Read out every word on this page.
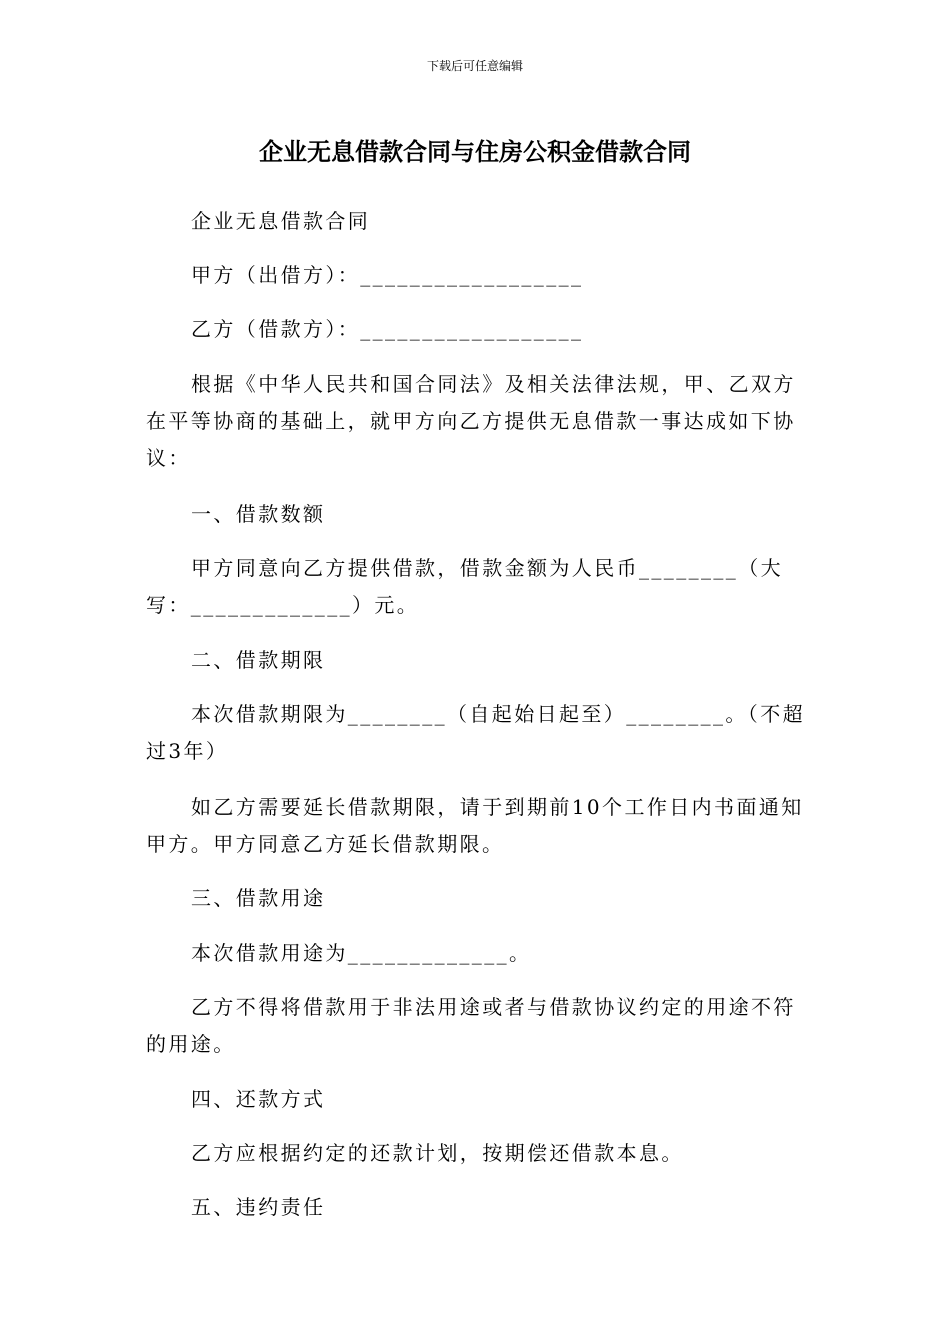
下载后可任意编辑
企业无息借款合同与住房公积金借款合同

企业无息借款合同

甲方（出借方）：__________________

乙方（借款方）：__________________

根据《中华人民共和国合同法》及相关法律法规，甲、乙双方在平等协商的基础上，就甲方向乙方提供无息借款一事达成如下协议：

一、借款数额

甲方同意向乙方提供借款，借款金额为人民币________（大写：_____________）元。

二、借款期限

本次借款期限为________（自起始日起至）________。（不超过3年）

如乙方需要延长借款期限，请于到期前10个工作日内书面通知甲方。甲方同意乙方延长借款期限。

三、借款用途

本次借款用途为_____________。

乙方不得将借款用于非法用途或者与借款协议约定的用途不符的用途。

四、还款方式

乙方应根据约定的还款计划，按期偿还借款本息。

五、违约责任
